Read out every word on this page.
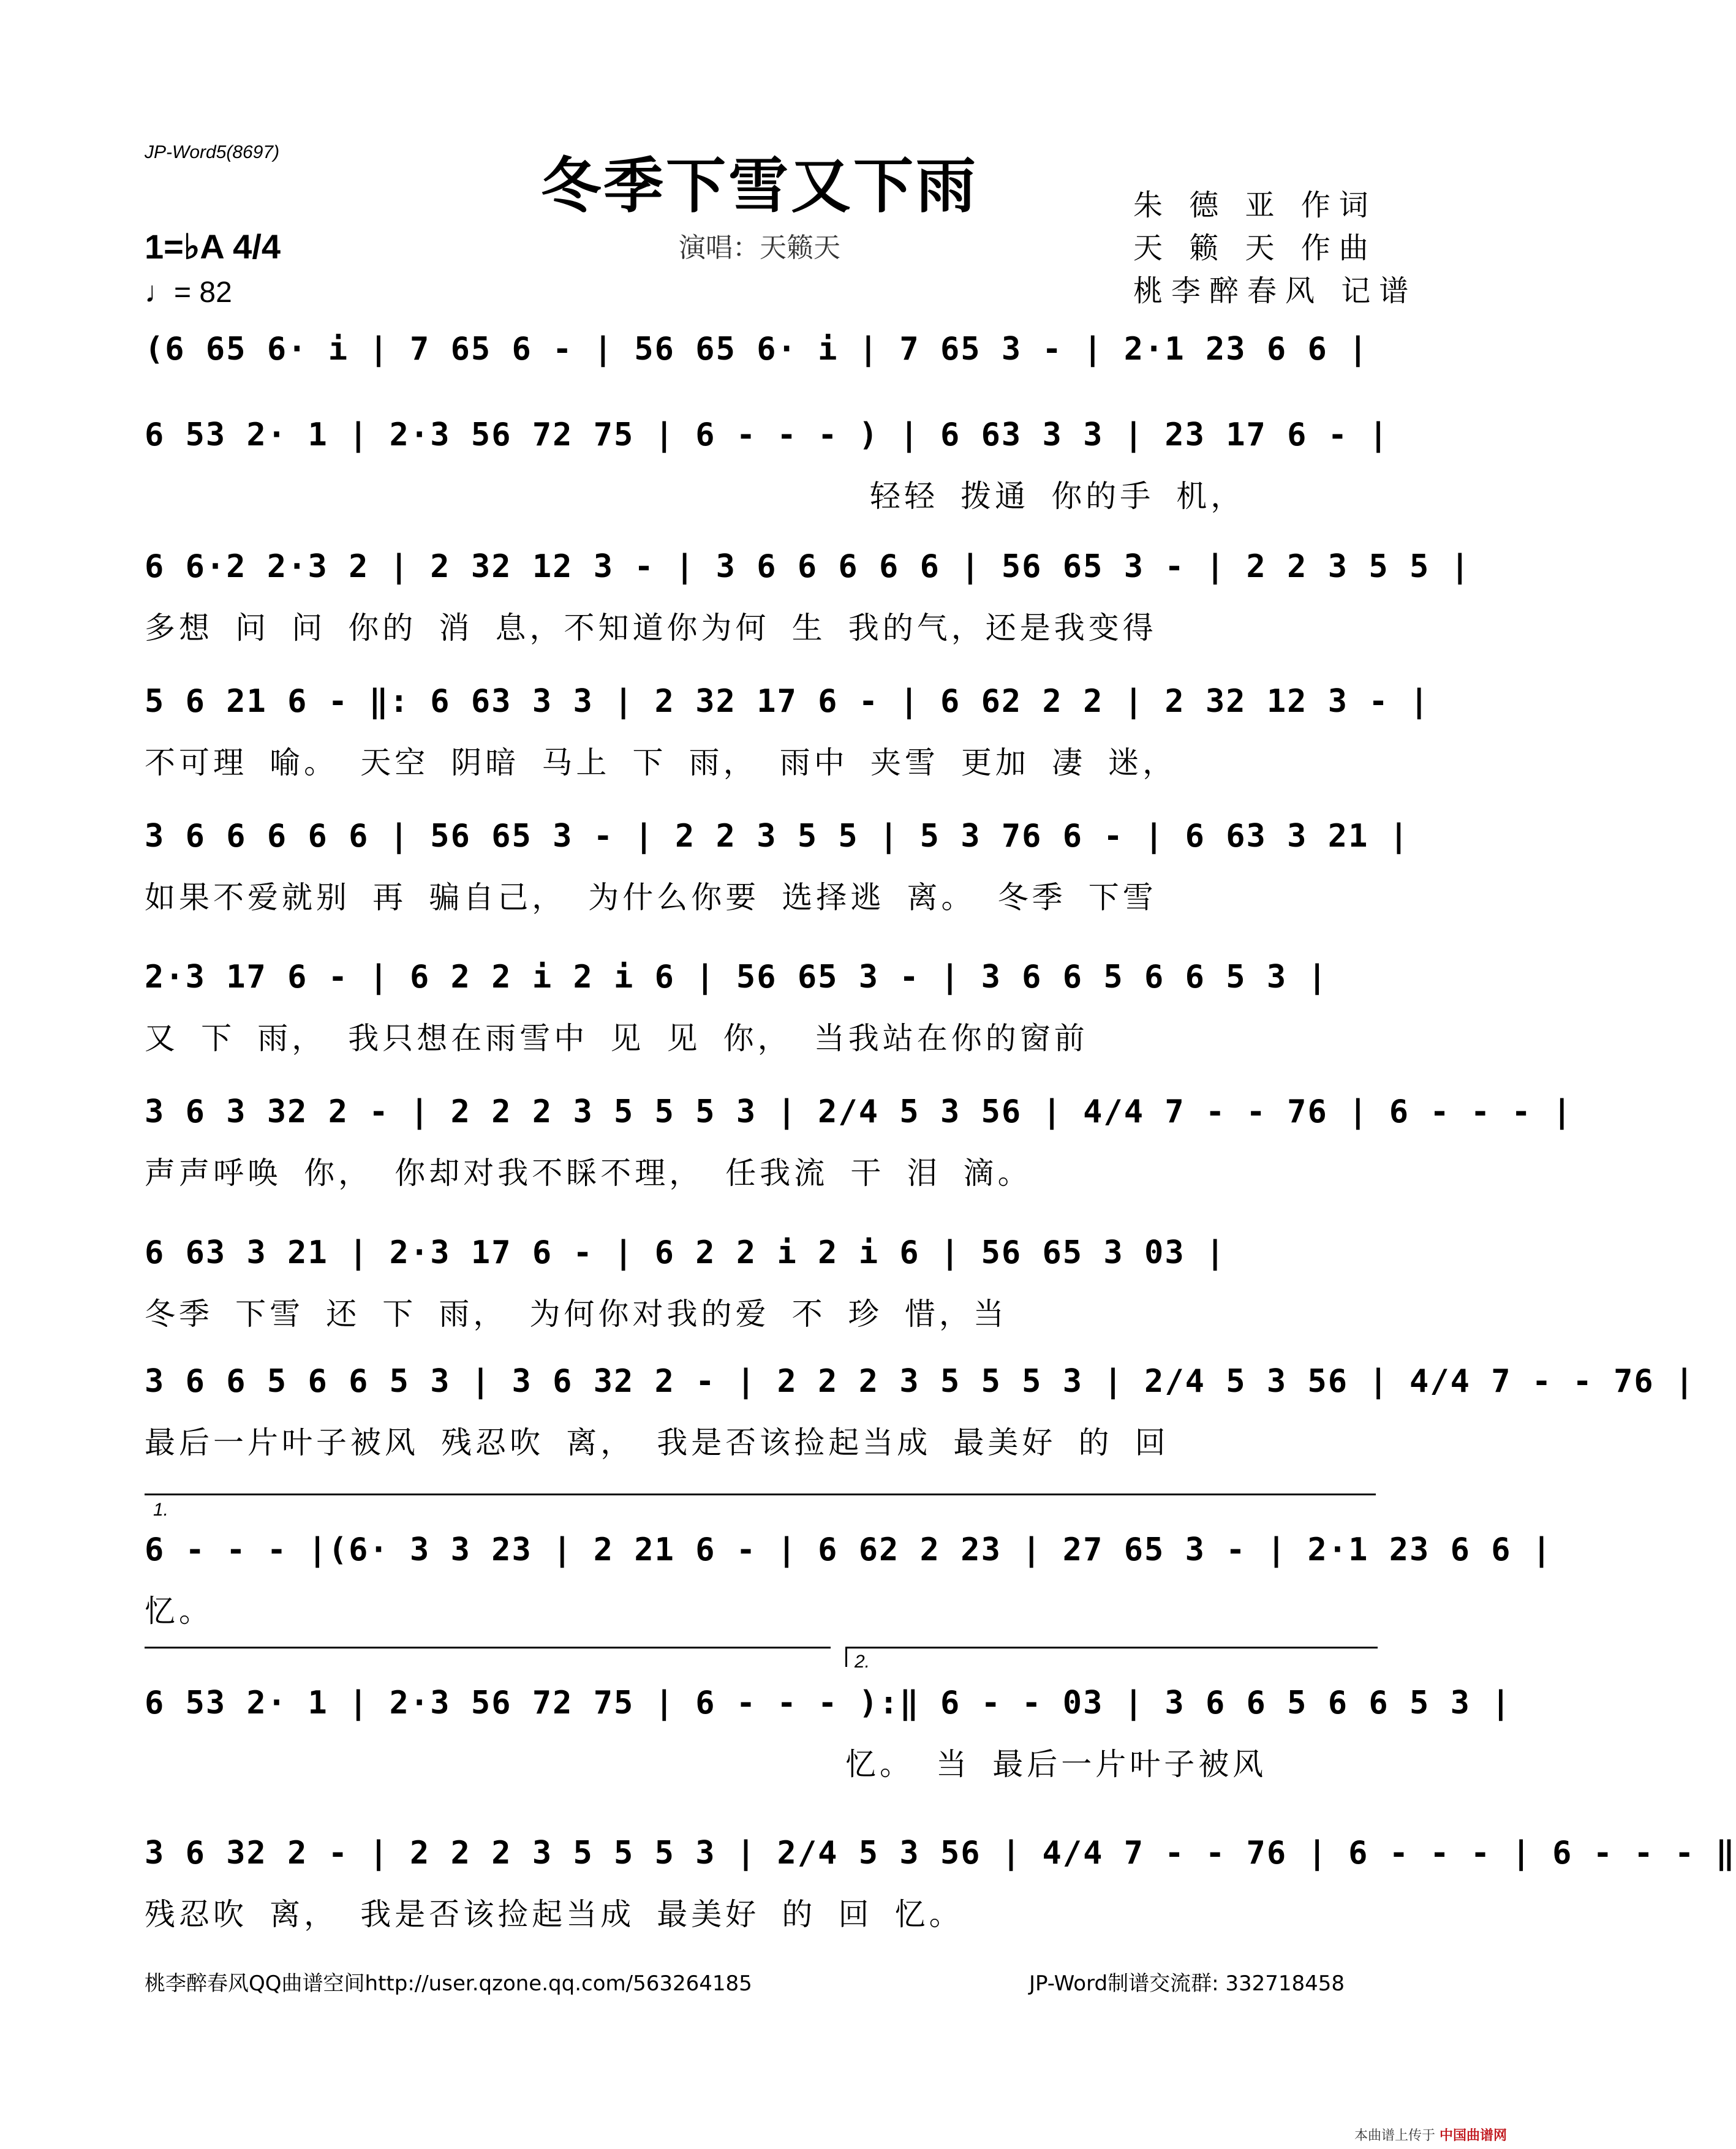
JP-Word5(8697)	冬季下雪又下雨
演唱：天籁天
朱 德 亚 作词
天 籁 天 作曲
桃李醉春风 记谱
1=♭A 4/4
♩= 82
(6 65 6· i | 7 65 6 - | 56 65 6· i | 7 65 3 - | 2·1 23 6 6 |
6 53 2· 1 | 2·3 56 72 75 | 6 - - - ) | 6 63 3 3 | 23 17 6 - |
轻轻 拨通 你的手 机，
6 6·2 2·3 2 | 2 32 12 3 - | 3 6 6 6 6 6 | 56 65 3 - | 2 2 3 5 5 |
多想 问 问 你的 消 息，不知道你为何 生 我的气，还是我变得
5 6 21 6 - ‖: 6 63 3 3 | 2 32 17 6 - | 6 62 2 2 | 2 32 12 3 - |
不可理 喻。 天空 阴暗 马上 下 雨， 雨中 夹雪 更加 凄 迷，
3 6 6 6 6 6 | 56 65 3 - | 2 2 3 5 5 | 5 3 76 6 - | 6 63 3 21 |
如果不爱就别 再 骗自己， 为什么你要 选择逃 离。 冬季 下雪
2·3 17 6 - | 6 2 2 i 2 i 6 | 56 65 3 - | 3 6 6 5 6 6 5 3 |
又 下 雨， 我只想在雨雪中 见 见 你， 当我站在你的窗前
3 6 3 32 2 - | 2 2 2 3 5 5 5 3 | 2/4 5 3 56 | 4/4 7 - - 76 | 6 - - - |
声声呼唤 你， 你却对我不睬不理， 任我流 干 泪 滴。
6 63 3 21 | 2·3 17 6 - | 6 2 2 i 2 i 6 | 56 65 3 03 |
冬季 下雪 还 下 雨， 为何你对我的爱 不 珍 惜，当
3 6 6 5 6 6 5 3 | 3 6 32 2 - | 2 2 2 3 5 5 5 3 | 2/4 5 3 56 | 4/4 7 - - 76 |
最后一片叶子被风 残忍吹 离， 我是否该捡起当成 最美好 的 回
1.
6 - - - |(6· 3 3 23 | 2 21 6 - | 6 62 2 23 | 27 65 3 - | 2·1 23 6 6 |
忆。
2.
6 53 2· 1 | 2·3 56 72 75 | 6 - - - ):‖ 6 - - 03 | 3 6 6 5 6 6 5 3 |
忆。 当 最后一片叶子被风
3 6 32 2 - | 2 2 2 3 5 5 5 3 | 2/4 5 3 56 | 4/4 7 - - 76 | 6 - - - | 6 - - - ‖
残忍吹 离， 我是否该捡起当成 最美好 的 回 忆。
桃李醉春风QQ曲谱空间http://user.qzone.qq.com/563264185	JP-Word制谱交流群: 332718458
本曲谱上传于 中国曲谱网
